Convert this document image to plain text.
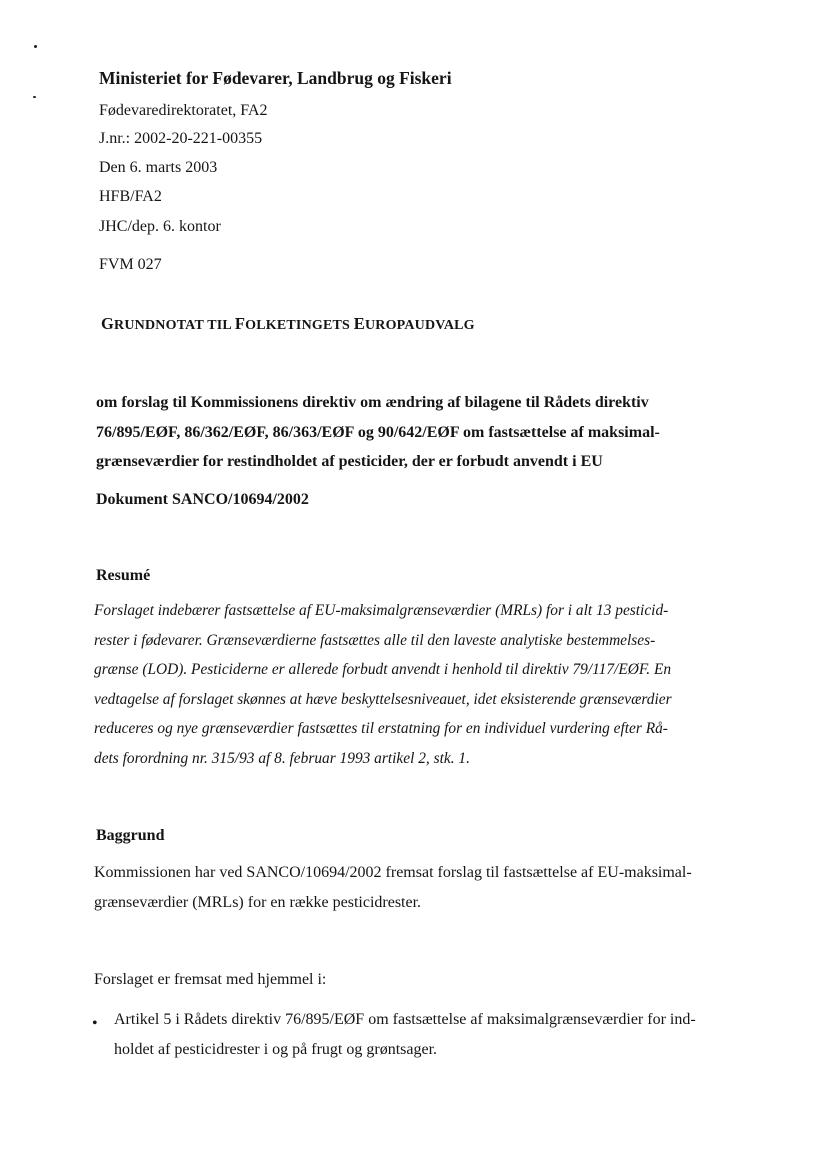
Ministeriet for Fødevarer, Landbrug og Fiskeri
Fødevaredirektoratet, FA2
J.nr.: 2002-20-221-00355
Den 6. marts 2003
HFB/FA2
JHC/dep. 6. kontor
FVM 027
GRUNDNOTAT TIL FOLKETINGETS EUROPAUDVALG
om forslag til Kommissionens direktiv om ændring af bilagene til Rådets direktiv
76/895/EØF, 86/362/EØF, 86/363/EØF og 90/642/EØF om fastsættelse af maksimal-
grænseværdier for restindholdet af pesticider, der er forbudt anvendt i EU
Dokument SANCO/10694/2002
Resumé
Forslaget indebærer fastsættelse af EU-maksimalgrænseværdier (MRLs) for i alt 13 pesticid-
rester i fødevarer. Grænseværdierne fastsættes alle til den laveste analytiske bestemmelses-
grænse (LOD). Pesticiderne er allerede forbudt anvendt i henhold til direktiv 79/117/EØF. En
vedtagelse af forslaget skønnes at hæve beskyttelsesniveauet, idet eksisterende grænseværdier
reduceres og nye grænseværdier fastsættes til erstatning for en individuel vurdering efter Rå-
dets forordning nr. 315/93 af 8. februar 1993 artikel 2, stk. 1.
Baggrund
Kommissionen har ved SANCO/10694/2002 fremsat forslag til fastsættelse af EU-maksimal-
grænseværdier (MRLs) for en række pesticidrester.
Forslaget er fremsat med hjemmel i:
• Artikel 5 i Rådets direktiv 76/895/EØF om fastsættelse af maksimalgrænseværdier for ind-
holdet af pesticidrester i og på frugt og grøntsager.
